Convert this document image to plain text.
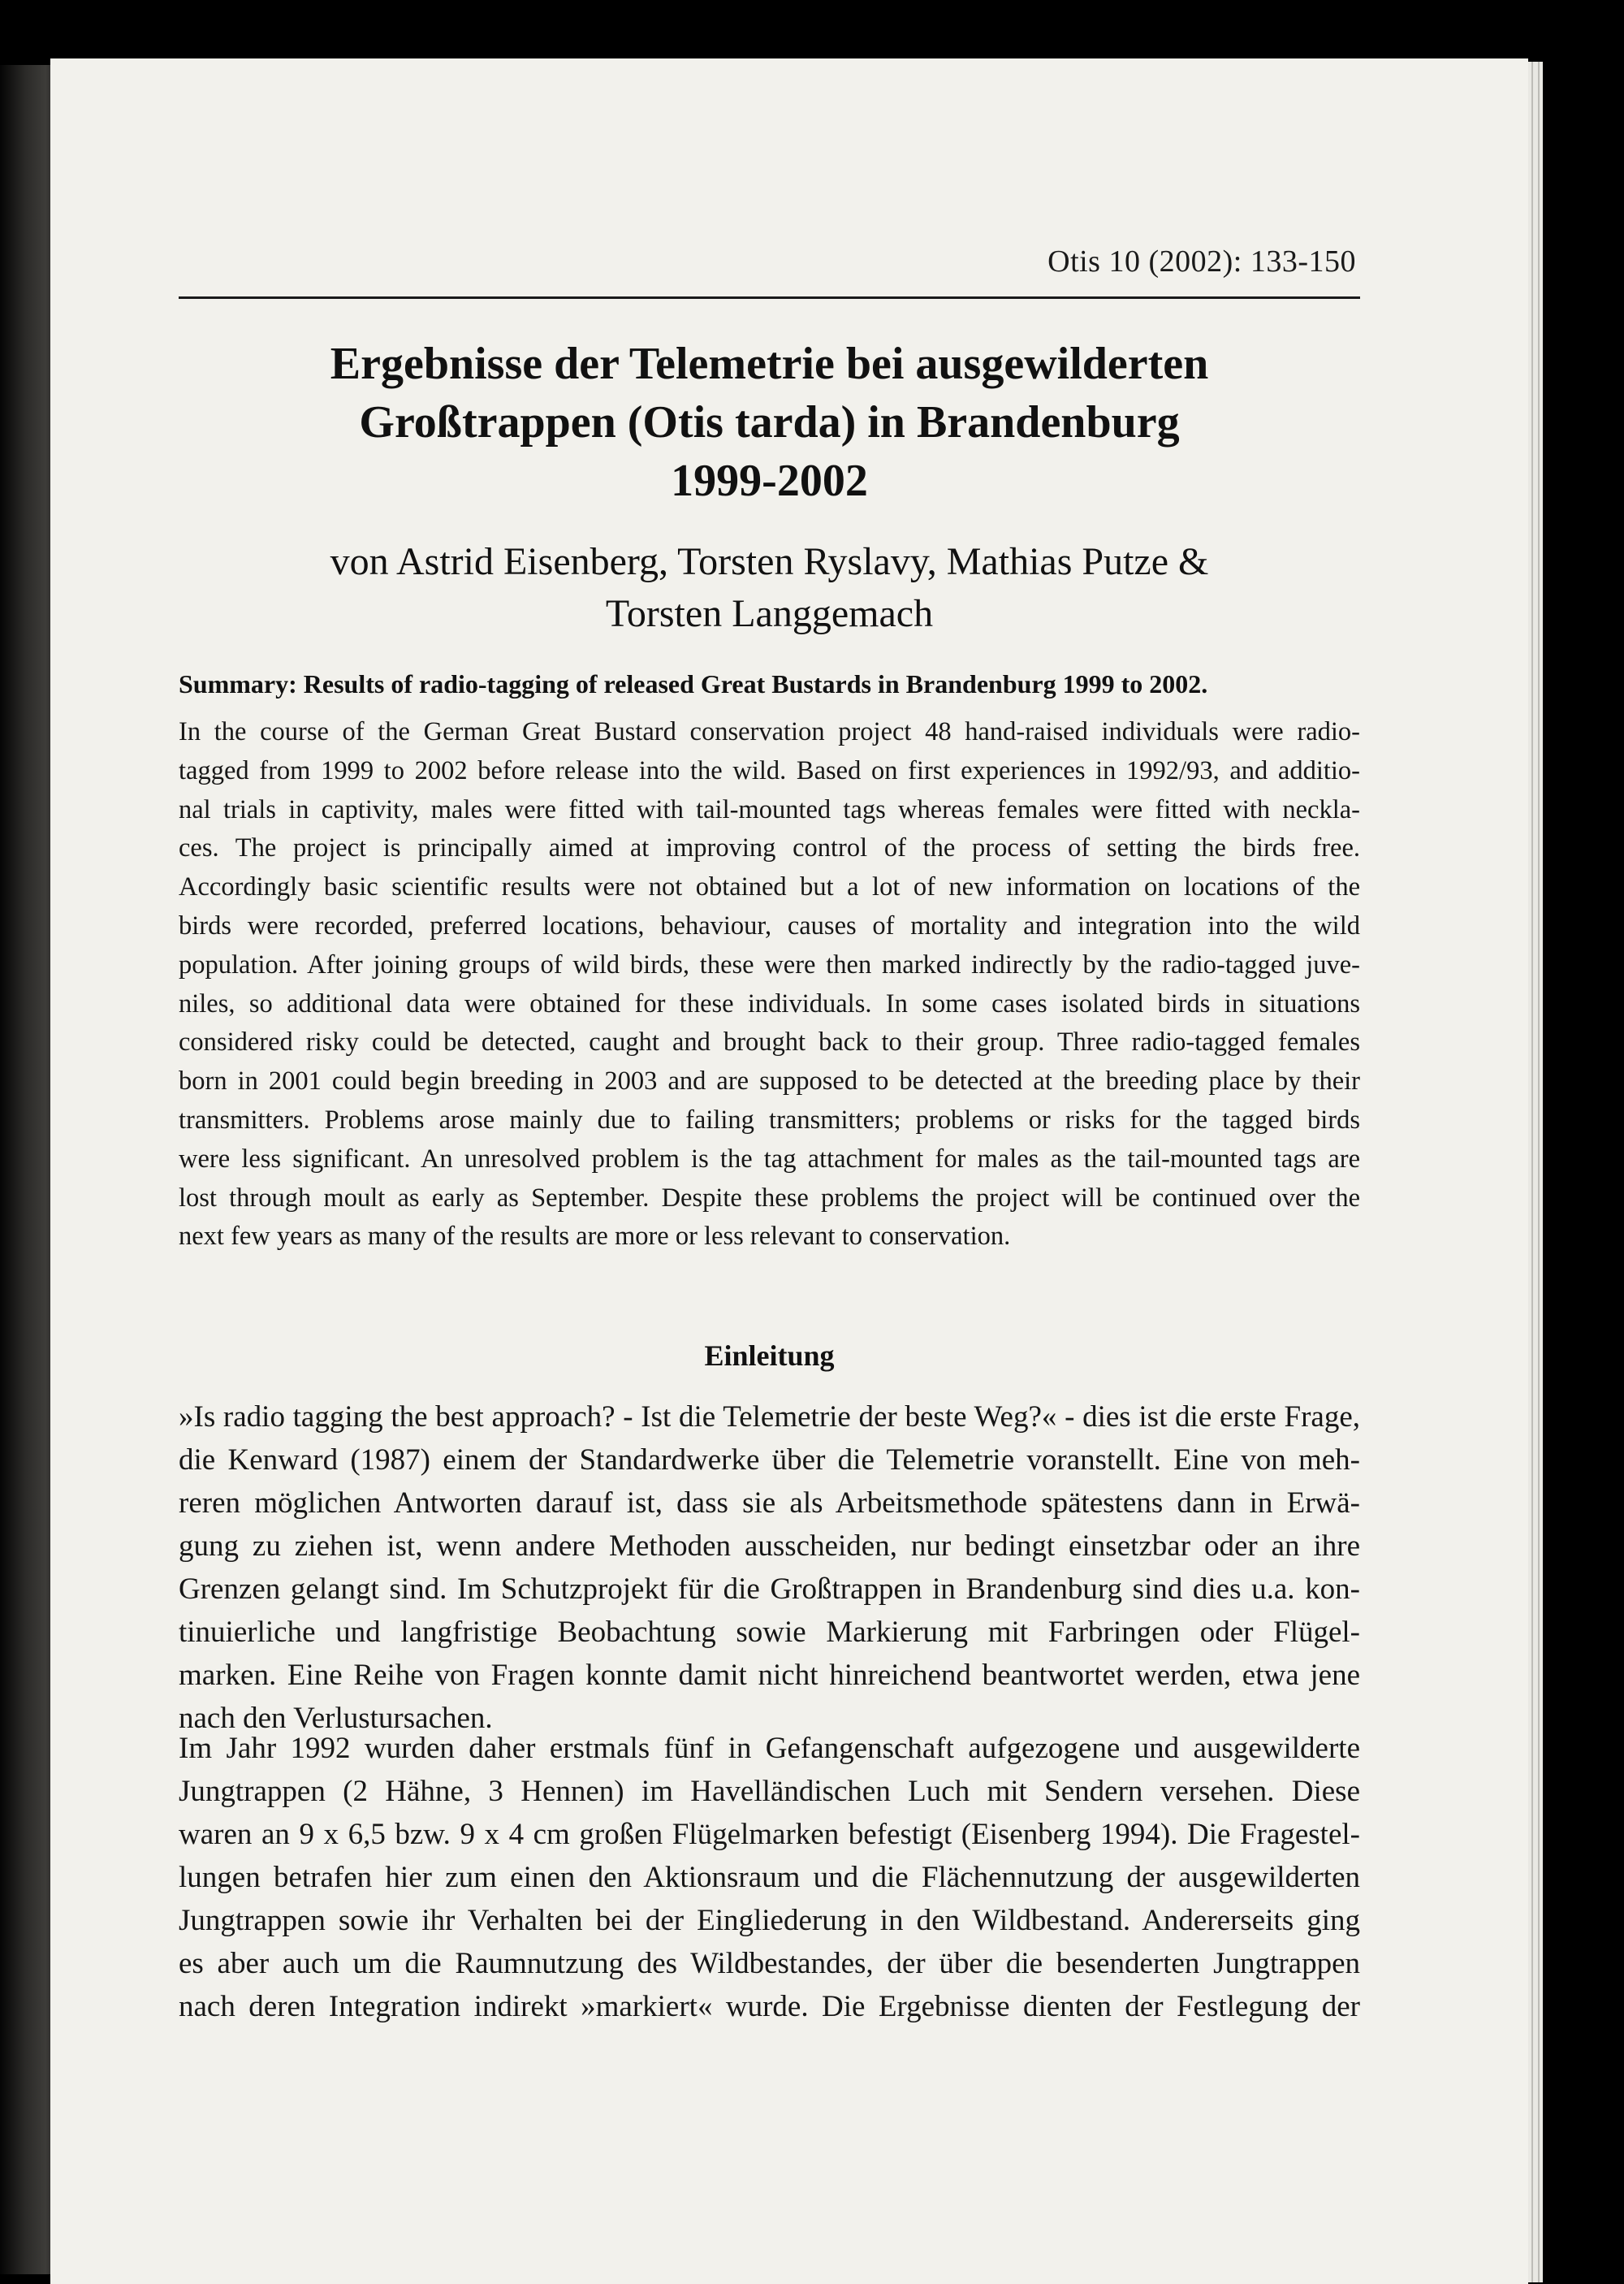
Otis 10 (2002): 133-150
Ergebnisse der Telemetrie bei ausgewilderten
Großtrappen (Otis tarda) in Brandenburg
1999-2002
von Astrid Eisenberg, Torsten Ryslavy, Mathias Putze &
Torsten Langgemach
Summary: Results of radio-tagging of released Great Bustards in Brandenburg 1999 to 2002.
In the course of the German Great Bustard conservation project 48 hand-raised individuals were radio-
tagged from 1999 to 2002 before release into the wild. Based on first experiences in 1992/93, and additio-
nal trials in captivity, males were fitted with tail-mounted tags whereas females were fitted with neckla-
ces. The project is principally aimed at improving control of the process of setting the birds free.
Accordingly basic scientific results were not obtained but a lot of new information on locations of the
birds were recorded, preferred locations, behaviour, causes of mortality and integration into the wild
population. After joining groups of wild birds, these were then marked indirectly by the radio-tagged juve-
niles, so additional data were obtained for these individuals. In some cases isolated birds in situations
considered risky could be detected, caught and brought back to their group. Three radio-tagged females
born in 2001 could begin breeding in 2003 and are supposed to be detected at the breeding place by their
transmitters. Problems arose mainly due to failing transmitters; problems or risks for the tagged birds
were less significant. An unresolved problem is the tag attachment for males as the tail-mounted tags are
lost through moult as early as September. Despite these problems the project will be continued over the
next few years as many of the results are more or less relevant to conservation.
Einleitung
»Is radio tagging the best approach? - Ist die Telemetrie der beste Weg?« - dies ist die erste Frage,
die Kenward (1987) einem der Standardwerke über die Telemetrie voranstellt. Eine von meh-
reren möglichen Antworten darauf ist, dass sie als Arbeitsmethode spätestens dann in Erwä-
gung zu ziehen ist, wenn andere Methoden ausscheiden, nur bedingt einsetzbar oder an ihre
Grenzen gelangt sind. Im Schutzprojekt für die Großtrappen in Brandenburg sind dies u.a. kon-
tinuierliche und langfristige Beobachtung sowie Markierung mit Farbringen oder Flügel-
marken. Eine Reihe von Fragen konnte damit nicht hinreichend beantwortet werden, etwa jene
nach den Verlustursachen.
Im Jahr 1992 wurden daher erstmals fünf in Gefangenschaft aufgezogene und ausgewilderte
Jungtrappen (2 Hähne, 3 Hennen) im Havelländischen Luch mit Sendern versehen. Diese
waren an 9 x 6,5 bzw. 9 x 4 cm großen Flügelmarken befestigt (Eisenberg 1994). Die Fragestel-
lungen betrafen hier zum einen den Aktionsraum und die Flächennutzung der ausgewilderten
Jungtrappen sowie ihr Verhalten bei der Eingliederung in den Wildbestand. Andererseits ging
es aber auch um die Raumnutzung des Wildbestandes, der über die besenderten Jungtrappen
nach deren Integration indirekt »markiert« wurde. Die Ergebnisse dienten der Festlegung der
